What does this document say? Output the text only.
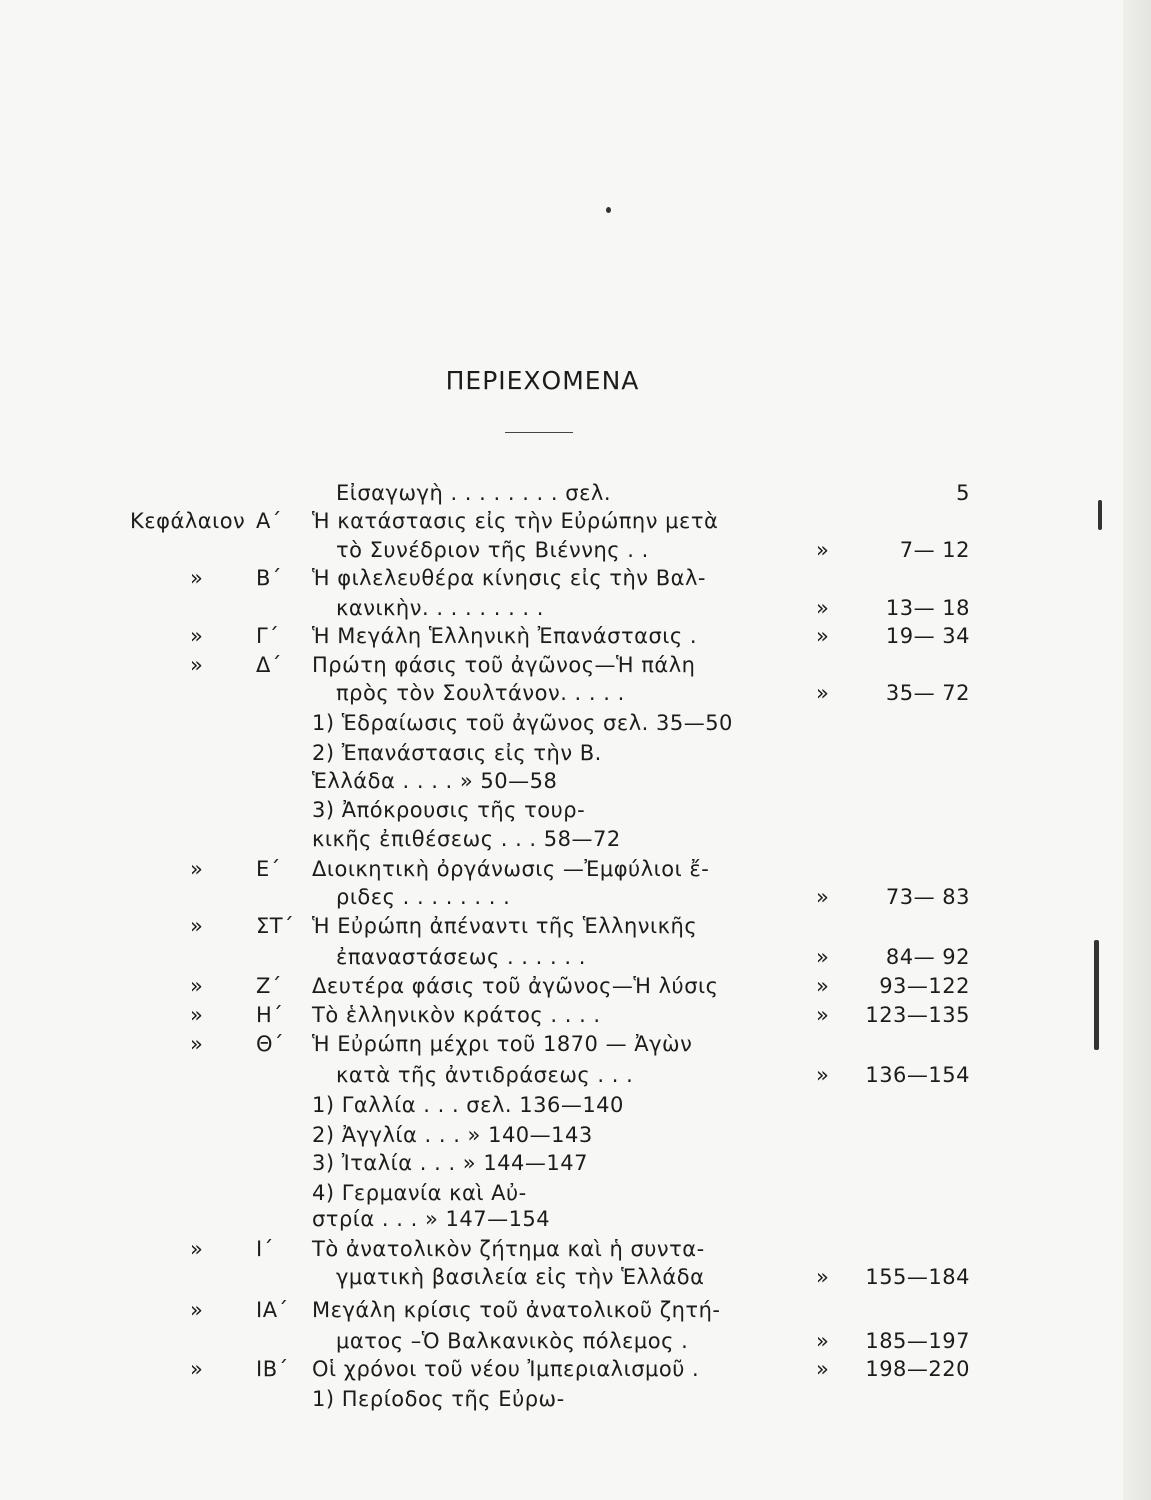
ΠΕΡΙΕΧΟΜΕΝΑ
Εἰσαγωγὴ . . . . . . . . σελ.	5
Κεφάλαιον Α΄ Ἡ κατάστασις εἰς τὴν Εὐρώπην μετὰ
τὸ Συνέδριον τῆς Βιέννης . .	»	7— 12
»	Β΄ Ἡ φιλελευθέρα κίνησις εἰς τὴν Βαλ-
κανικὴν. . . . . . . . .	»	13— 18
»	Γ΄ Ἡ Μεγάλη Ἑλληνικὴ Ἐπανάστασις .	»	19— 34
»	Δ΄ Πρώτη φάσις τοῦ ἀγῶνος—Ἡ πάλη
πρὸς τὸν Σουλτάνον. . . . .	»	35— 72
1) Ἑδραίωσις τοῦ ἀγῶνος σελ. 35—50
2) Ἐπανάστασις εἰς τὴν Β.
Ἑλλάδα . . . . » 50—58
3) Ἀπόκρουσις τῆς τουρ-
κικῆς ἐπιθέσεως . . . 58—72
»	Ε΄ Διοικητικὴ ὀργάνωσις —Ἐμφύλιοι ἔ-
ριδες . . . . . . . .	»	73— 83
»	ΣΤ΄ Ἡ Εὐρώπη ἀπέναντι τῆς Ἑλληνικῆς
ἐπαναστάσεως . . . . . .	»	84— 92
»	Ζ΄ Δευτέρα φάσις τοῦ ἀγῶνος—Ἡ λύσις	»	93—122
»	Η΄ Τὸ ἑλληνικὸν κράτος . . . .	» 123—135
»	Θ΄ Ἡ Εὐρώπη μέχρι τοῦ 1870 — Ἀγὼν
κατὰ τῆς ἀντιδράσεως . . .	» 136—154
1) Γαλλία . . . σελ. 136—140
2) Ἀγγλία . . . » 140—143
3) Ἰταλία . . . » 144—147
4) Γερμανία καὶ Αὐ-
στρία . . . » 147—154
»	Ι΄ Τὸ ἀνατολικὸν ζήτημα καὶ ἡ συντα-
γματικὴ βασιλεία εἰς τὴν Ἑλλάδα	» 155—184
»	ΙΑ΄ Μεγάλη κρίσις τοῦ ἀνατολικοῦ ζητή-
ματος –Ὁ Βαλκανικὸς πόλεμος .	» 185—197
»	ΙΒ΄ Οἱ χρόνοι τοῦ νέου Ἰμπεριαλισμοῦ .	» 198—220
1) Περίοδος τῆς Εὐρω-
